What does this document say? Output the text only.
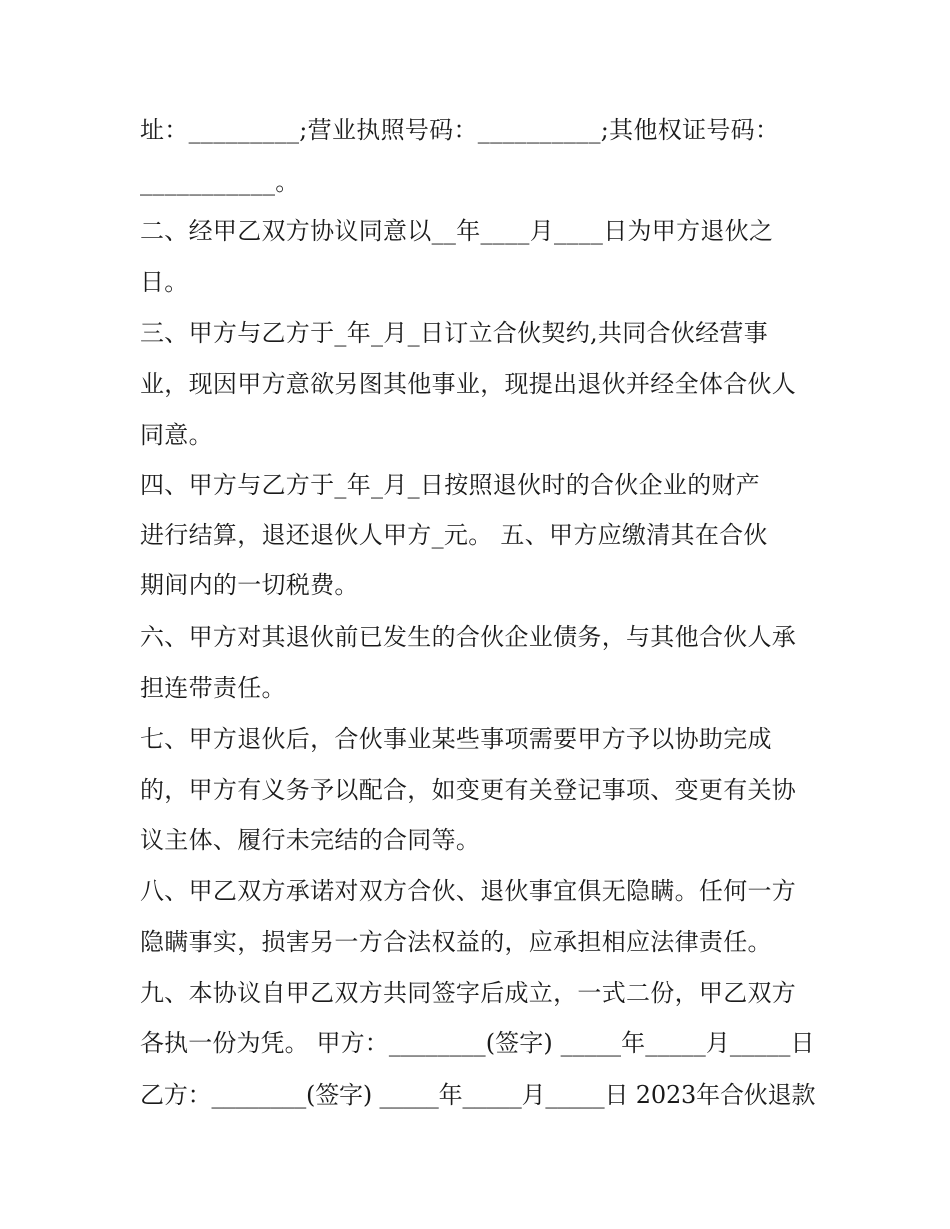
址：_________;营业执照号码：__________;其他权证号码：
___________。
二、经甲乙双方协议同意以__年____月____日为甲方退伙之
日。
三、甲方与乙方于_年_月_日订立合伙契约,共同合伙经营事
业，现因甲方意欲另图其他事业，现提出退伙并经全体合伙人
同意。
四、甲方与乙方于_年_月_日按照退伙时的合伙企业的财产
进行结算，退还退伙人甲方_元。 五、甲方应缴清其在合伙
期间内的一切税费。
六、甲方对其退伙前已发生的合伙企业债务，与其他合伙人承
担连带责任。
七、甲方退伙后，合伙事业某些事项需要甲方予以协助完成
的，甲方有义务予以配合，如变更有关登记事项、变更有关协
议主体、履行未完结的合同等。
八、甲乙双方承诺对双方合伙、退伙事宜俱无隐瞒。任何一方
隐瞒事实，损害另一方合法权益的，应承担相应法律责任。
九、本协议自甲乙双方共同签字后成立，一式二份，甲乙双方
各执一份为凭。 甲方：________(签字) _____年_____月_____日
乙方：________(签字) _____年_____月_____日 2023年合伙退款
